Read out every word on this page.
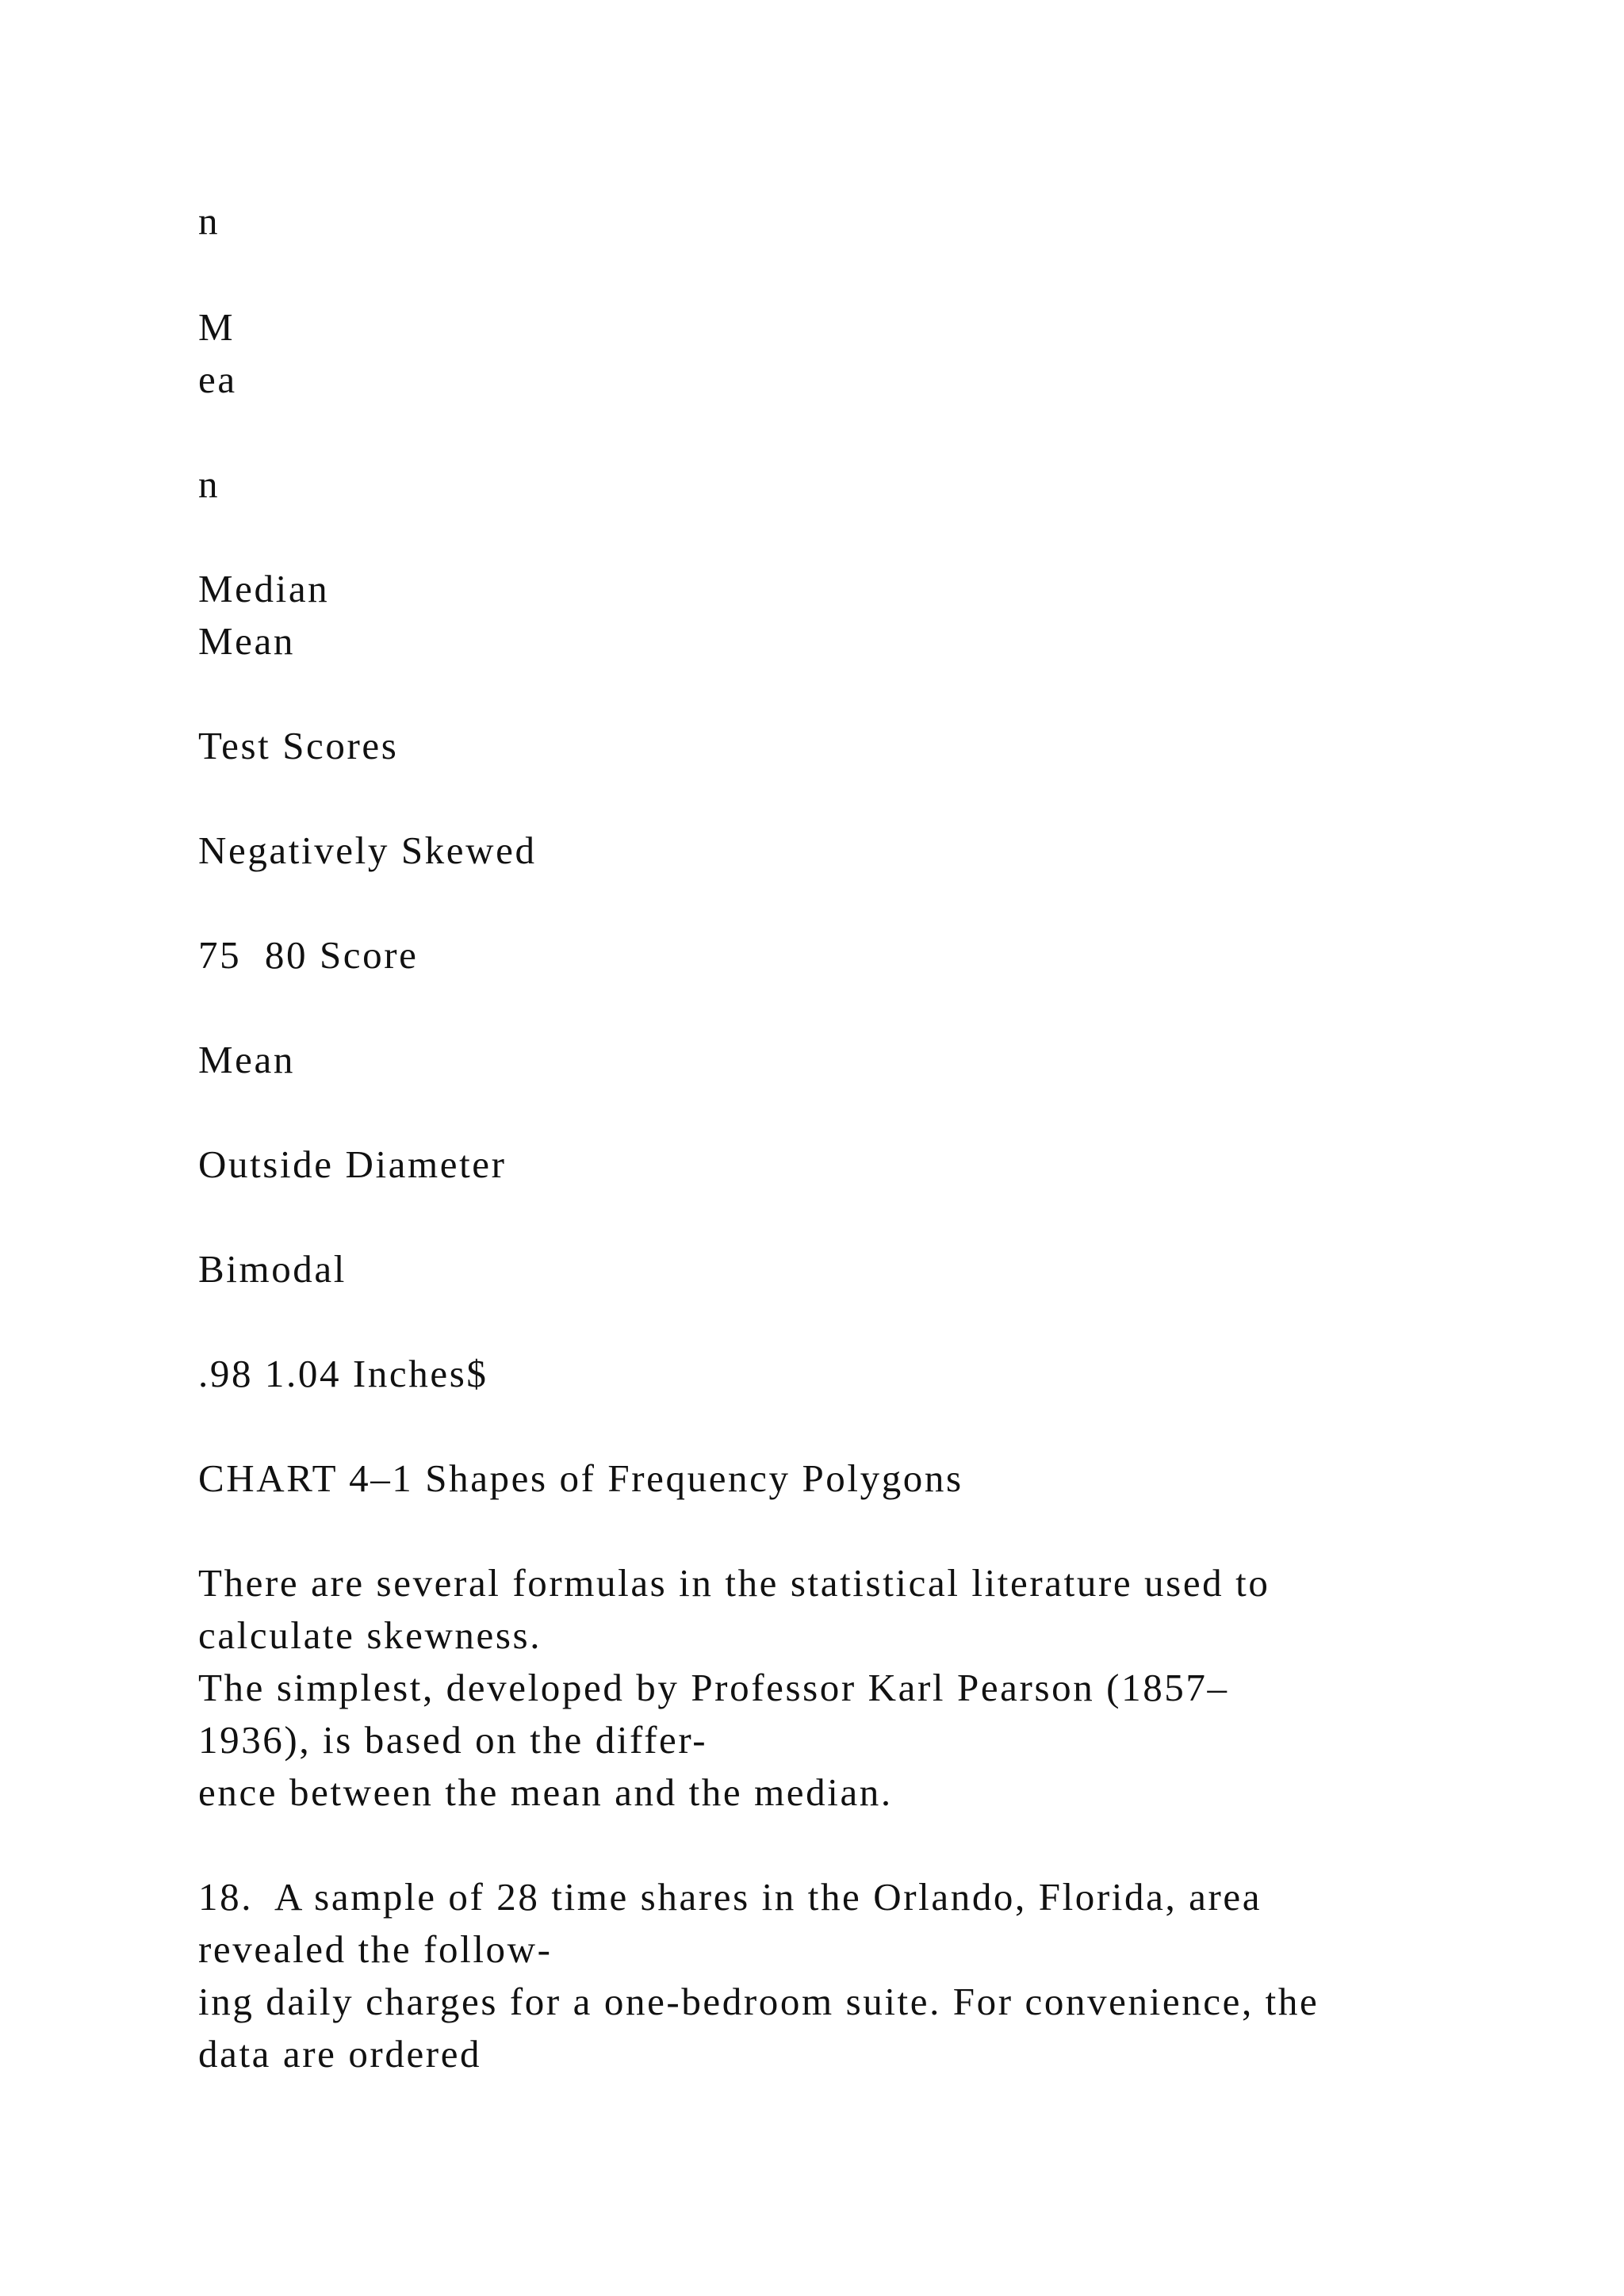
n

M

ea

n

Median

Mean

Test Scores

Negatively Skewed

75  80 Score

Mean

Outside Diameter

Bimodal

.98 1.04 Inches$

CHART 4–1 Shapes of Frequency Polygons

There are several formulas in the statistical literature used to

calculate skewness.

The simplest, developed by Professor Karl Pearson (1857–

1936), is based on the differ-

ence between the mean and the median.

18.  A sample of 28 time shares in the Orlando, Florida, area

revealed the follow-

ing daily charges for a one-bedroom suite. For convenience, the

data are ordered
